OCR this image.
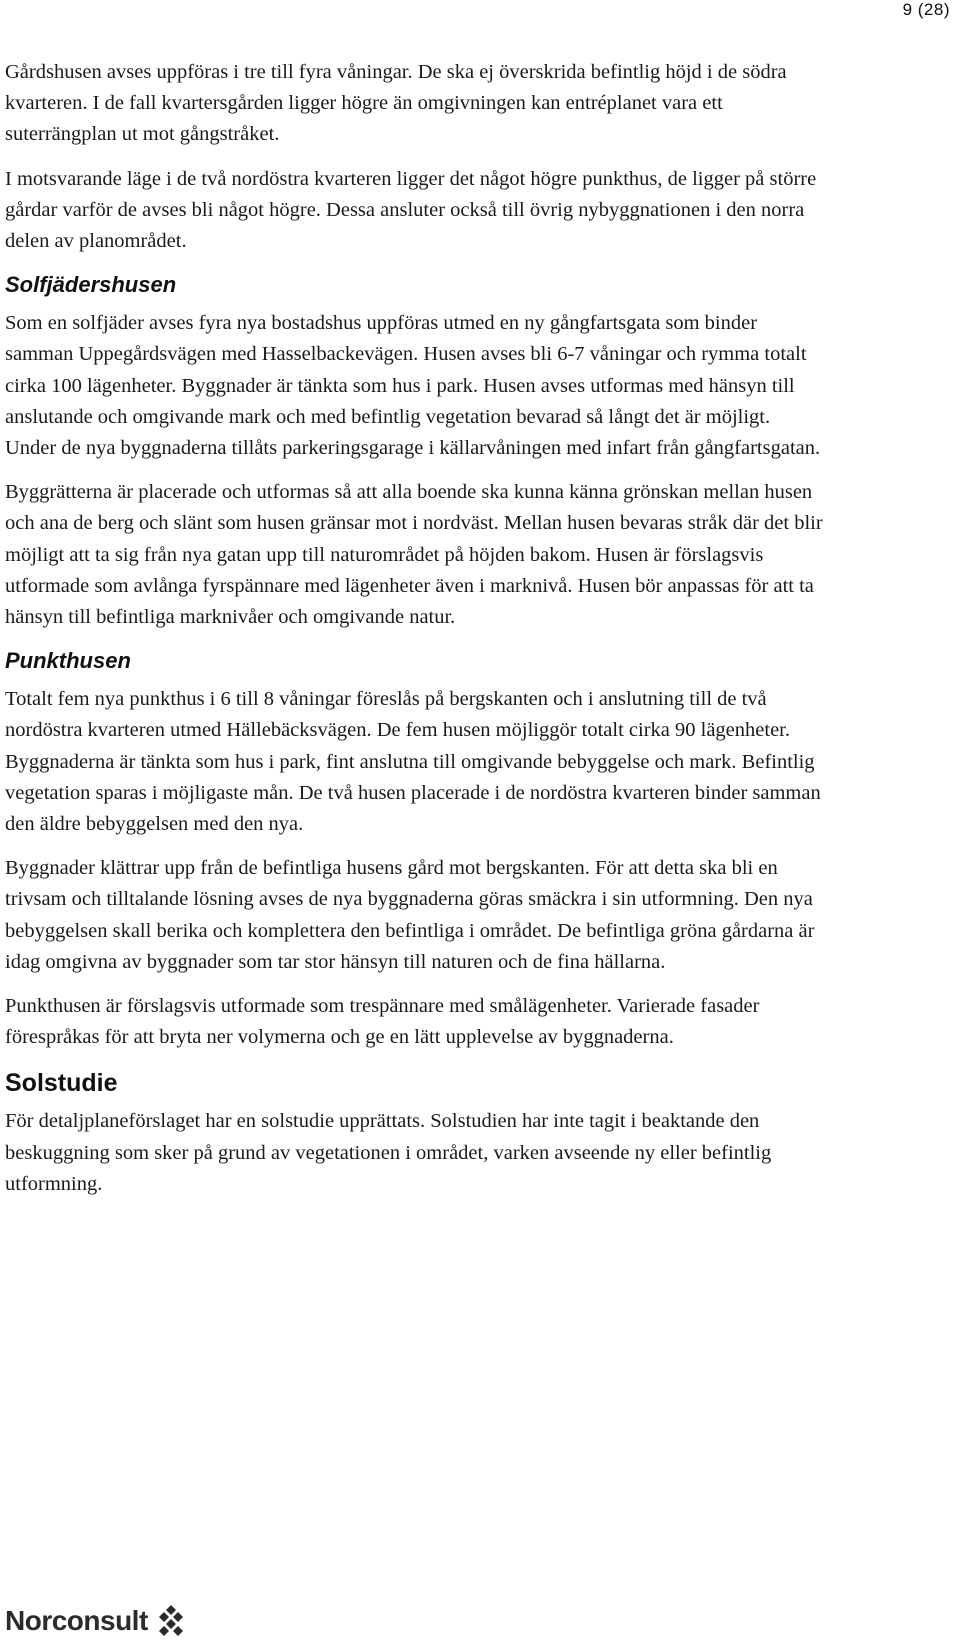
9 (28)

Gårdshusen avses uppföras i tre till fyra våningar. De ska ej överskrida befintlig höjd i de södra kvarteren. I de fall kvartersgården ligger högre än omgivningen kan entréplanet vara ett suterrängplan ut mot gångstråket.

I motsvarande läge i de två nordöstra kvarteren ligger det något högre punkthus, de ligger på större gårdar varför de avses bli något högre. Dessa ansluter också till övrig nybyggnationen i den norra delen av planområdet.

Solfjädershusen

Som en solfjäder avses fyra nya bostadshus uppföras utmed en ny gångfartsgata som binder samman Uppegårdsvägen med Hasselbackevägen. Husen avses bli 6-7 våningar och rymma totalt cirka 100 lägenheter. Byggnader är tänkta som hus i park. Husen avses utformas med hänsyn till anslutande och omgivande mark och med befintlig vegetation bevarad så långt det är möjligt. Under de nya byggnaderna tillåts parkeringsgarage i källarvåningen med infart från gångfartsgatan.

Byggrätterna är placerade och utformas så att alla boende ska kunna känna grönskan mellan husen och ana de berg och slänt som husen gränsar mot i nordväst. Mellan husen bevaras stråk där det blir möjligt att ta sig från nya gatan upp till naturområdet på höjden bakom. Husen är förslagsvis utformade som avlånga fyrspännare med lägenheter även i marknivå. Husen bör anpassas för att ta hänsyn till befintliga marknivåer och omgivande natur.

Punkthusen

Totalt fem nya punkthus i 6 till 8 våningar föreslås på bergskanten och i anslutning till de två nordöstra kvarteren utmed Hällebäcksvägen. De fem husen möjliggör totalt cirka 90 lägenheter. Byggnaderna är tänkta som hus i park, fint anslutna till omgivande bebyggelse och mark. Befintlig vegetation sparas i möjligaste mån. De två husen placerade i de nordöstra kvarteren binder samman den äldre bebyggelsen med den nya.

Byggnader klättrar upp från de befintliga husens gård mot bergskanten. För att detta ska bli en trivsam och tilltalande lösning avses de nya byggnaderna göras smäckra i sin utformning. Den nya bebyggelsen skall berika och komplettera den befintliga i området. De befintliga gröna gårdarna är idag omgivna av byggnader som tar stor hänsyn till naturen och de fina hällarna.

Punkthusen är förslagsvis utformade som trespännare med smålägenheter. Varierade fasader förespråkas för att bryta ner volymerna och ge en lätt upplevelse av byggnaderna.

Solstudie

För detaljplaneförslaget har en solstudie upprättats. Solstudien har inte tagit i beaktande den beskuggning som sker på grund av vegetationen i området, varken avseende ny eller befintlig utformning.

Norconsult
